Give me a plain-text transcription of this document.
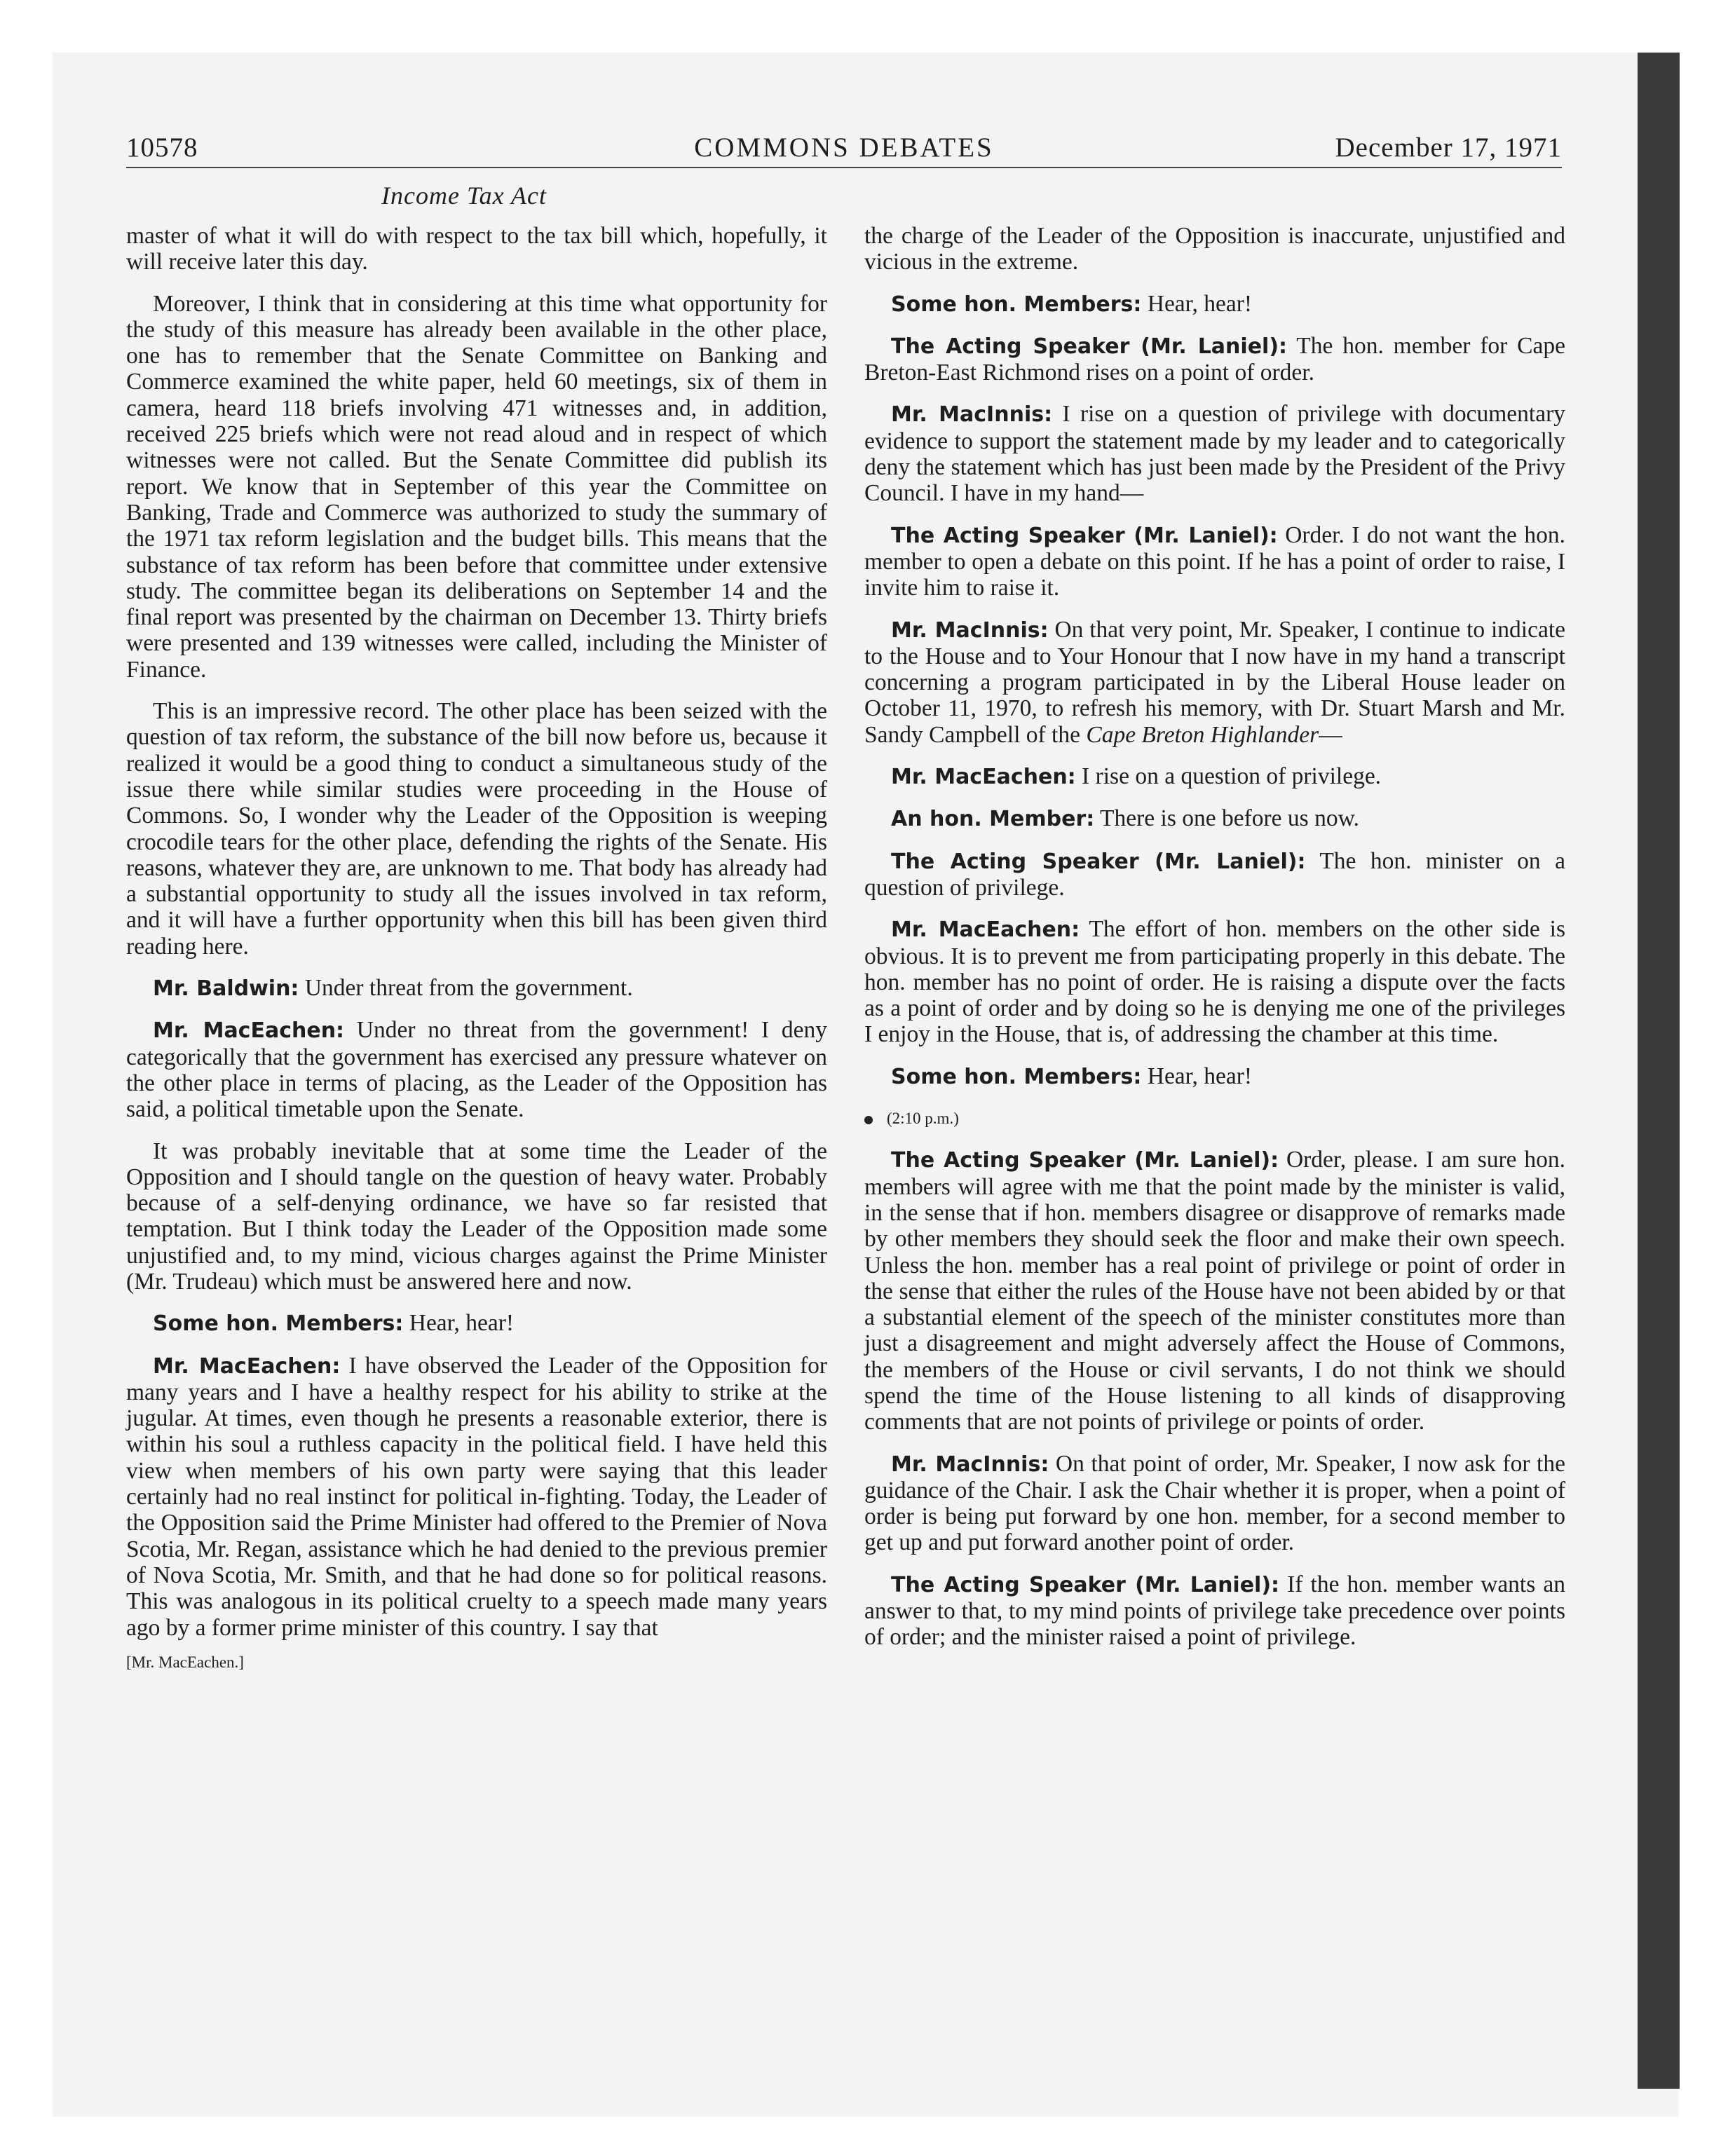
10578	COMMONS DEBATES	December 17, 1971
Income Tax Act

master of what it will do with respect to the tax bill which, hopefully, it will receive later this day.

Moreover, I think that in considering at this time what opportunity for the study of this measure has already been available in the other place, one has to remember that the Senate Committee on Banking and Commerce examined the white paper, held 60 meetings, six of them in camera, heard 118 briefs involving 471 witnesses and, in addition, received 225 briefs which were not read aloud and in respect of which witnesses were not called. But the Senate Committee did publish its report. We know that in September of this year the Committee on Banking, Trade and Commerce was authorized to study the summary of the 1971 tax reform legislation and the budget bills. This means that the substance of tax reform has been before that committee under extensive study. The committee began its deliberations on September 14 and the final report was presented by the chairman on December 13. Thirty briefs were presented and 139 witnesses were called, including the Minister of Finance.

This is an impressive record. The other place has been seized with the question of tax reform, the substance of the bill now before us, because it realized it would be a good thing to conduct a simultaneous study of the issue there while similar studies were proceeding in the House of Commons. So, I wonder why the Leader of the Opposition is weeping crocodile tears for the other place, defending the rights of the Senate. His reasons, whatever they are, are unknown to me. That body has already had a substantial opportunity to study all the issues involved in tax reform, and it will have a further opportunity when this bill has been given third reading here.

Mr. Baldwin: Under threat from the government.

Mr. MacEachen: Under no threat from the government! I deny categorically that the government has exercised any pressure whatever on the other place in terms of placing, as the Leader of the Opposition has said, a political timetable upon the Senate.

It was probably inevitable that at some time the Leader of the Opposition and I should tangle on the question of heavy water. Probably because of a self-denying ordinance, we have so far resisted that temptation. But I think today the Leader of the Opposition made some unjustified and, to my mind, vicious charges against the Prime Minister (Mr. Trudeau) which must be answered here and now.

Some hon. Members: Hear, hear!

Mr. MacEachen: I have observed the Leader of the Opposition for many years and I have a healthy respect for his ability to strike at the jugular. At times, even though he presents a reasonable exterior, there is within his soul a ruthless capacity in the political field. I have held this view when members of his own party were saying that this leader certainly had no real instinct for political in-fighting. Today, the Leader of the Opposition said the Prime Minister had offered to the Premier of Nova Scotia, Mr. Regan, assistance which he had denied to the previous premier of Nova Scotia, Mr. Smith, and that he had done so for political reasons. This was analogous in its political cruelty to a speech made many years ago by a former prime minister of this country. I say that

[Mr. MacEachen.]

the charge of the Leader of the Opposition is inaccurate, unjustified and vicious in the extreme.

Some hon. Members: Hear, hear!

The Acting Speaker (Mr. Laniel): The hon. member for Cape Breton-East Richmond rises on a point of order.

Mr. MacInnis: I rise on a question of privilege with documentary evidence to support the statement made by my leader and to categorically deny the statement which has just been made by the President of the Privy Council. I have in my hand—

The Acting Speaker (Mr. Laniel): Order. I do not want the hon. member to open a debate on this point. If he has a point of order to raise, I invite him to raise it.

Mr. MacInnis: On that very point, Mr. Speaker, I continue to indicate to the House and to Your Honour that I now have in my hand a transcript concerning a program participated in by the Liberal House leader on October 11, 1970, to refresh his memory, with Dr. Stuart Marsh and Mr. Sandy Campbell of the Cape Breton Highlander—

Mr. MacEachen: I rise on a question of privilege.

An hon. Member: There is one before us now.

The Acting Speaker (Mr. Laniel): The hon. minister on a question of privilege.

Mr. MacEachen: The effort of hon. members on the other side is obvious. It is to prevent me from participating properly in this debate. The hon. member has no point of order. He is raising a dispute over the facts as a point of order and by doing so he is denying me one of the privileges I enjoy in the House, that is, of addressing the chamber at this time.

Some hon. Members: Hear, hear!

(2:10 p.m.)

The Acting Speaker (Mr. Laniel): Order, please. I am sure hon. members will agree with me that the point made by the minister is valid, in the sense that if hon. members disagree or disapprove of remarks made by other members they should seek the floor and make their own speech. Unless the hon. member has a real point of privilege or point of order in the sense that either the rules of the House have not been abided by or that a substantial element of the speech of the minister constitutes more than just a disagreement and might adversely affect the House of Commons, the members of the House or civil servants, I do not think we should spend the time of the House listening to all kinds of disapproving comments that are not points of privilege or points of order.

Mr. MacInnis: On that point of order, Mr. Speaker, I now ask for the guidance of the Chair. I ask the Chair whether it is proper, when a point of order is being put forward by one hon. member, for a second member to get up and put forward another point of order.

The Acting Speaker (Mr. Laniel): If the hon. member wants an answer to that, to my mind points of privilege take precedence over points of order; and the minister raised a point of privilege.
